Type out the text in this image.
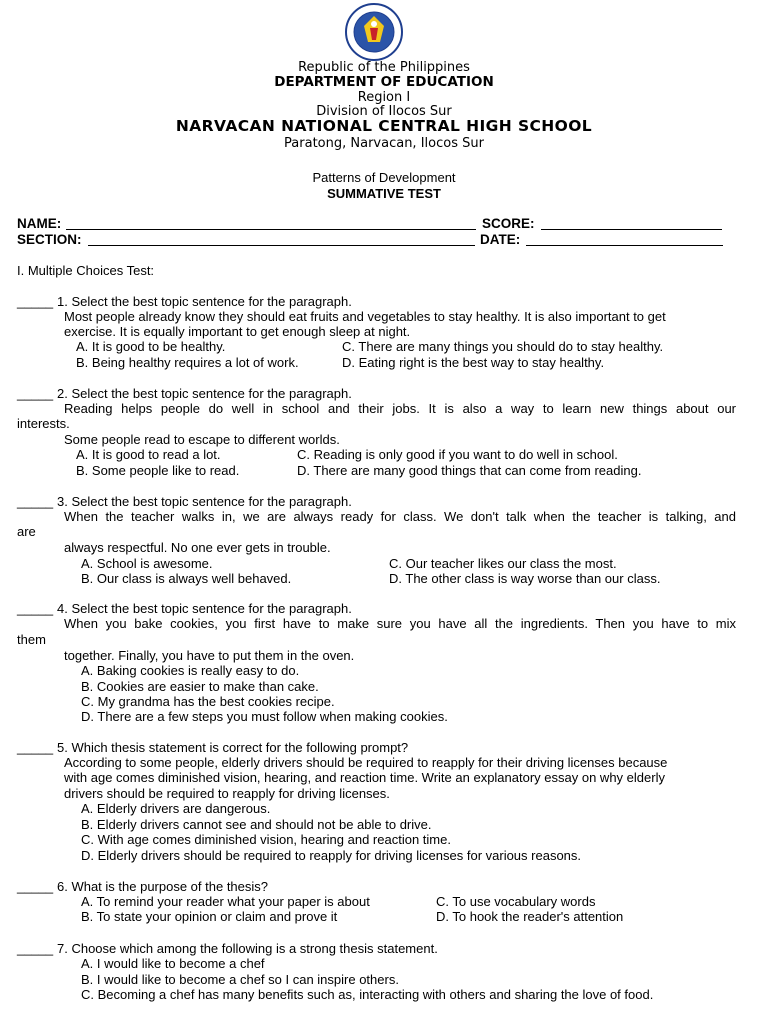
Republic of the Philippines
DEPARTMENT OF EDUCATION
Region I
Division of Ilocos Sur
NARVACAN NATIONAL CENTRAL HIGH SCHOOL
Paratong, Narvacan, Ilocos Sur
Patterns of Development
SUMMATIVE TEST
NAME:	SCORE:
SECTION:	DATE:
I. Multiple Choices Test:
_____ 1. Select the best topic sentence for the paragraph.
Most people already know they should eat fruits and vegetables to stay healthy. It is also important to get
exercise. It is equally important to get enough sleep at night.
A. It is good to be healthy.
B. Being healthy requires a lot of work.
C. There are many things you should do to stay healthy.
D. Eating right is the best way to stay healthy.
_____ 2. Select the best topic sentence for the paragraph.
Reading helps people do well in school and their jobs. It is also a way to learn new things about our
interests.
Some people read to escape to different worlds.
A. It is good to read a lot.
B. Some people like to read.
C. Reading is only good if you want to do well in school.
D. There are many good things that can come from reading.
_____ 3. Select the best topic sentence for the paragraph.
When the teacher walks in, we are always ready for class. We don't talk when the teacher is talking, and
are
always respectful. No one ever gets in trouble.
A. School is awesome.
B. Our class is always well behaved.
C. Our teacher likes our class the most.
D. The other class is way worse than our class.
_____ 4. Select the best topic sentence for the paragraph.
When you bake cookies, you first have to make sure you have all the ingredients. Then you have to mix
them
together. Finally, you have to put them in the oven.
A. Baking cookies is really easy to do.
B. Cookies are easier to make than cake.
C. My grandma has the best cookies recipe.
D. There are a few steps you must follow when making cookies.
_____ 5. Which thesis statement is correct for the following prompt?
According to some people, elderly drivers should be required to reapply for their driving licenses because
with age comes diminished vision, hearing, and reaction time. Write an explanatory essay on why elderly
drivers should be required to reapply for driving licenses.
A. Elderly drivers are dangerous.
B. Elderly drivers cannot see and should not be able to drive.
C. With age comes diminished vision, hearing and reaction time.
D. Elderly drivers should be required to reapply for driving licenses for various reasons.
_____ 6. What is the purpose of the thesis?
A. To remind your reader what your paper is about
B. To state your opinion or claim and prove it
C. To use vocabulary words
D. To hook the reader's attention
_____ 7. Choose which among the following is a strong thesis statement.
A. I would like to become a chef
B. I would like to become a chef so I can inspire others.
C. Becoming a chef has many benefits such as, interacting with others and sharing the love of food.
